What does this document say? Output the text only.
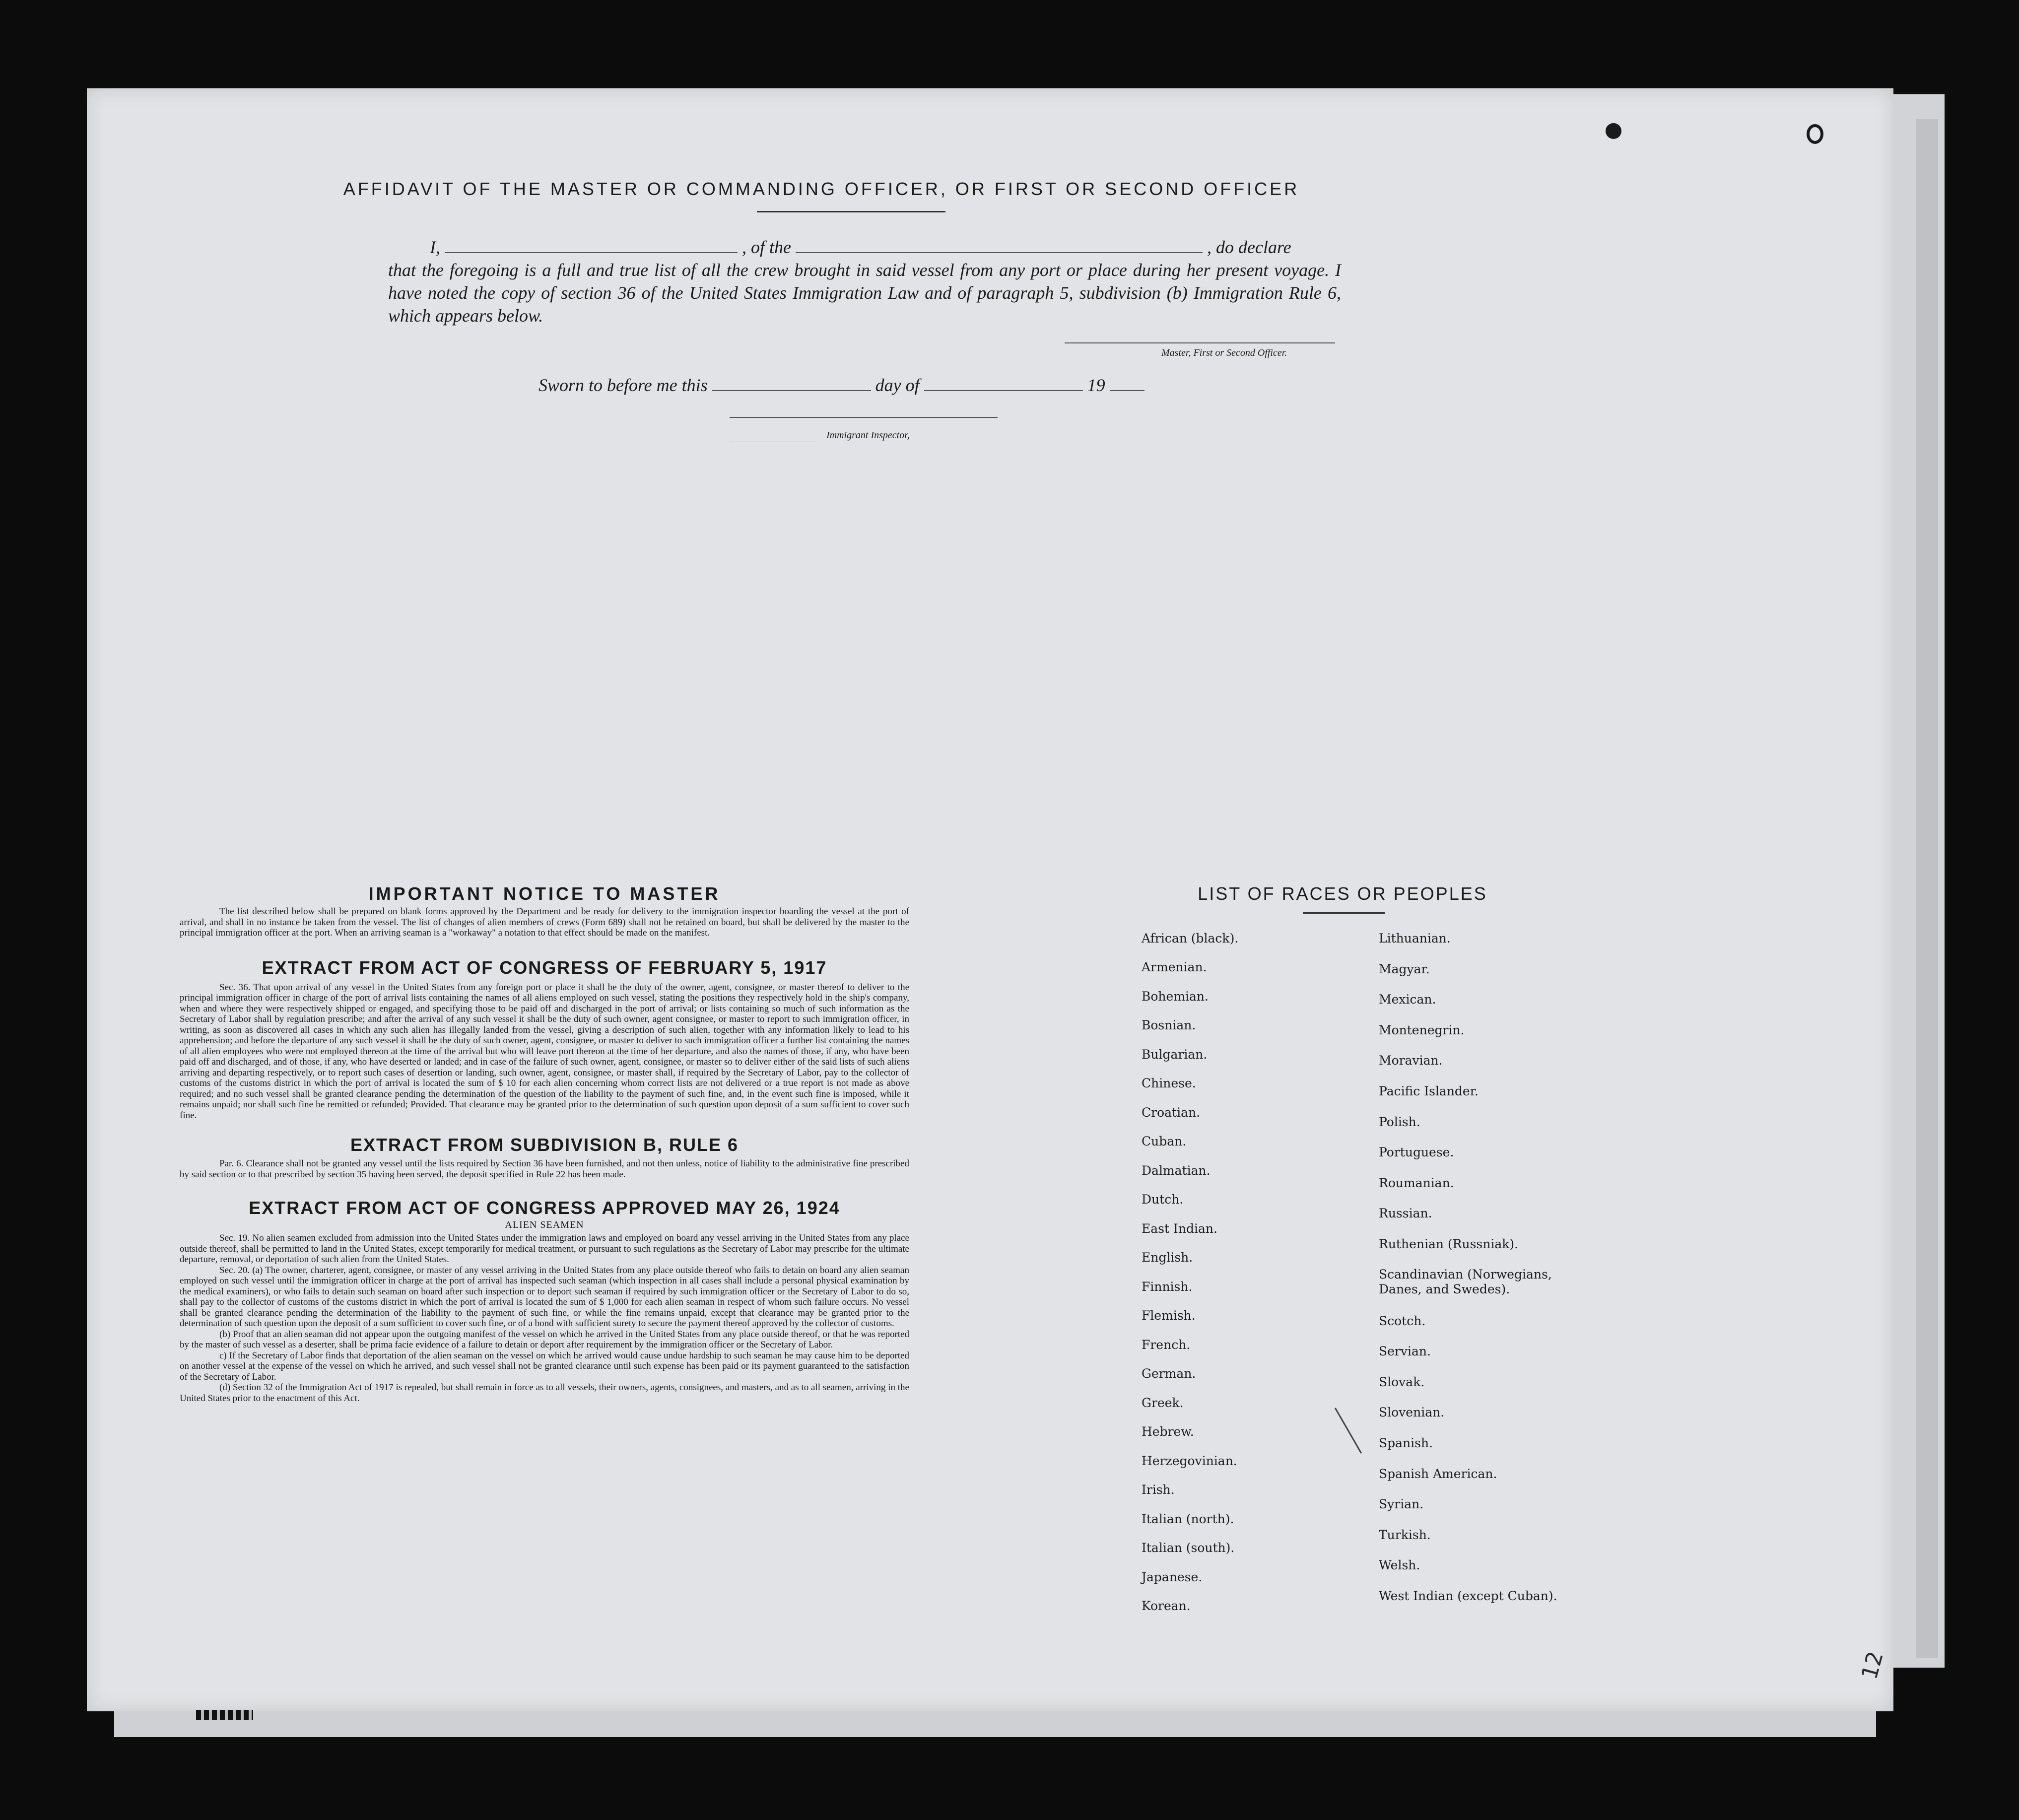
AFFIDAVIT OF THE MASTER OR COMMANDING OFFICER, OR FIRST OR SECOND OFFICER
I,	, of the	, do declare
that the foregoing is a full and true list of all the crew brought in said vessel from any port or place during her present voyage. I have noted the copy of section 36 of the United States Immigration Law and of paragraph 5, subdivision (b) Immigration Rule 6, which appears below.
Master, First or Second Officer.
Sworn to before me this	day of	19
Immigrant Inspector,
IMPORTANT NOTICE TO MASTER

The list described below shall be prepared on blank forms approved by the Department and be ready for delivery to the immigration inspector boarding the vessel at the port of arrival, and shall in no instance be taken from the vessel. The list of changes of alien members of crews (Form 689) shall not be retained on board, but shall be delivered by the master to the principal immigration officer at the port. When an arriving seaman is a "workaway" a notation to that effect should be made on the manifest.

EXTRACT FROM ACT OF CONGRESS OF FEBRUARY 5, 1917

Sec. 36. That upon arrival of any vessel in the United States from any foreign port or place it shall be the duty of the owner, agent, consignee, or master thereof to deliver to the principal immigration officer in charge of the port of arrival lists containing the names of all aliens employed on such vessel, stating the positions they respectively hold in the ship's company, when and where they were respectively shipped or engaged, and specifying those to be paid off and discharged in the port of arrival; or lists containing so much of such information as the Secretary of Labor shall by regulation prescribe; and after the arrival of any such vessel it shall be the duty of such owner, agent consignee, or master to report to such immigration officer, in writing, as soon as discovered all cases in which any such alien has illegally landed from the vessel, giving a description of such alien, together with any information likely to lead to his apprehension; and before the departure of any such vessel it shall be the duty of such owner, agent, consignee, or master to deliver to such immigration officer a further list containing the names of all alien employees who were not employed thereon at the time of the arrival but who will leave port thereon at the time of her departure, and also the names of those, if any, who have been paid off and discharged, and of those, if any, who have deserted or landed; and in case of the failure of such owner, agent, consignee, or master so to deliver either of the said lists of such aliens arriving and departing respectively, or to report such cases of desertion or landing, such owner, agent, consignee, or master shall, if required by the Secretary of Labor, pay to the collector of customs of the customs district in which the port of arrival is located the sum of $ 10 for each alien concerning whom correct lists are not delivered or a true report is not made as above required; and no such vessel shall be granted clearance pending the determination of the question of the liability to the payment of such fine, and, in the event such fine is imposed, while it remains unpaid; nor shall such fine be remitted or refunded; Provided. That clearance may be granted prior to the determination of such question upon deposit of a sum sufficient to cover such fine.

EXTRACT FROM SUBDIVISION B, RULE 6

Par. 6. Clearance shall not be granted any vessel until the lists required by Section 36 have been furnished, and not then unless, notice of liability to the administrative fine prescribed by said section or to that prescribed by section 35 having been served, the deposit specified in Rule 22 has been made.

EXTRACT FROM ACT OF CONGRESS APPROVED MAY 26, 1924
ALIEN SEAMEN

Sec. 19. No alien seamen excluded from admission into the United States under the immigration laws and employed on board any vessel arriving in the United States from any place outside thereof, shall be permitted to land in the United States, except temporarily for medical treatment, or pursuant to such regulations as the Secretary of Labor may prescribe for the ultimate departure, removal, or deportation of such alien from the United States.

Sec. 20. (a) The owner, charterer, agent, consignee, or master of any vessel arriving in the United States from any place outside thereof who fails to detain on board any alien seaman employed on such vessel until the immigration officer in charge at the port of arrival has inspected such seaman (which inspection in all cases shall include a personal physical examination by the medical examiners), or who fails to detain such seaman on board after such inspection or to deport such seaman if required by such immigration officer or the Secretary of Labor to do so, shall pay to the collector of customs of the customs district in which the port of arrival is located the sum of $ 1,000 for each alien seaman in respect of whom such failure occurs. No vessel shall be granted clearance pending the determination of the liability to the payment of such fine, or while the fine remains unpaid, except that clearance may be granted prior to the determination of such question upon the deposit of a sum sufficient to cover such fine, or of a bond with sufficient surety to secure the payment thereof approved by the collector of customs.

(b) Proof that an alien seaman did not appear upon the outgoing manifest of the vessel on which he arrived in the United States from any place outside thereof, or that he was reported by the master of such vessel as a deserter, shall be prima facie evidence of a failure to detain or deport after requirement by the immigration officer or the Secretary of Labor.

c) If the Secretary of Labor finds that deportation of the alien seaman on the vessel on which he arrived would cause undue hardship to such seaman he may cause him to be deported on another vessel at the expense of the vessel on which he arrived, and such vessel shall not be granted clearance until such expense has been paid or its payment guaranteed to the satisfaction of the Secretary of Labor.

(d) Section 32 of the Immigration Act of 1917 is repealed, but shall remain in force as to all vessels, their owners, agents, consignees, and masters, and as to all seamen, arriving in the United States prior to the enactment of this Act.

LIST OF RACES OR PEOPLES
African (black).
Armenian.
Bohemian.
Bosnian.
Bulgarian.
Chinese.
Croatian.
Cuban.
Dalmatian.
Dutch.
East Indian.
English.
Finnish.
Flemish.
French.
German.
Greek.
Hebrew.
Herzegovinian.
Irish.
Italian (north).
Italian (south).
Japanese.
Korean.
Lithuanian.
Magyar.
Mexican.
Montenegrin.
Moravian.
Pacific Islander.
Polish.
Portuguese.
Roumanian.
Russian.
Ruthenian (Russniak).
Scandinavian (Norwegians, Danes, and Swedes).
Scotch.
Servian.
Slovak.
Slovenian.
Spanish.
Spanish American.
Syrian.
Turkish.
Welsh.
West Indian (except Cuban).
12
